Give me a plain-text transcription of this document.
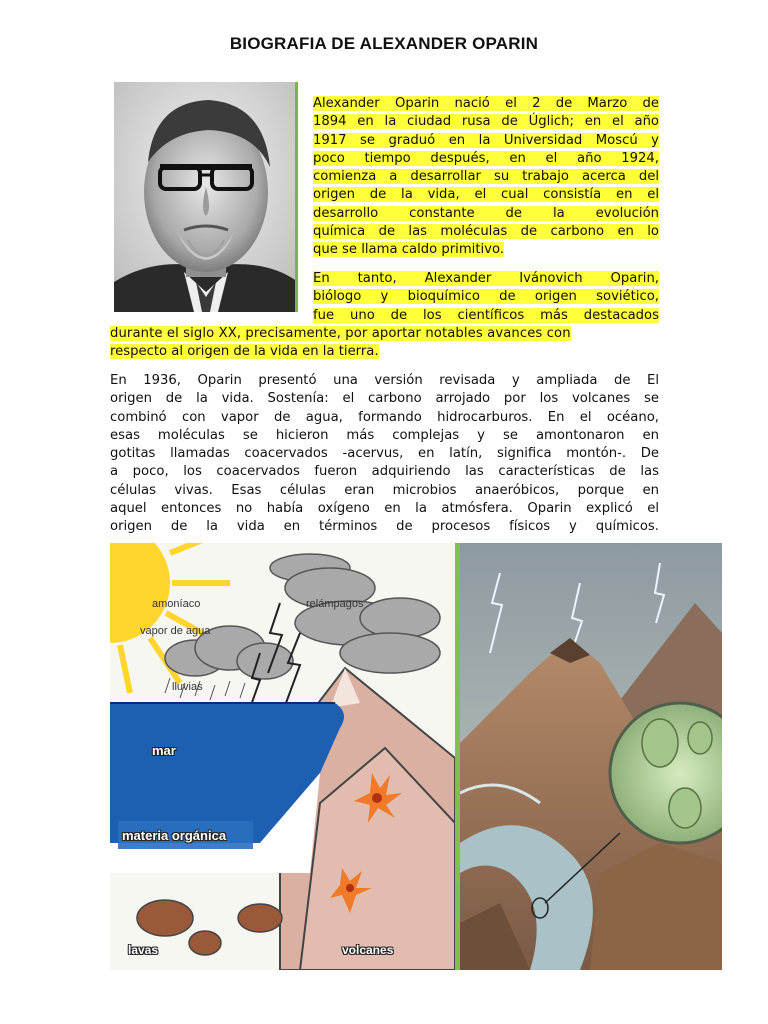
BIOGRAFIA DE ALEXANDER OPARIN
Alexander Oparin nació el 2 de Marzo de
1894 en la ciudad rusa de Úglich; en el año
1917 se graduó en la Universidad Moscú y
poco tiempo después, en el año 1924,
comienza a desarrollar su trabajo acerca del
origen de la vida, el cual consistía en el
desarrollo constante de la evolución
química de las moléculas de carbono en lo
que se llama caldo primitivo.
En tanto, Alexander Ivánovich Oparin,
biólogo y bioquímico de origen soviético,
fue uno de los científicos más destacados
durante el siglo XX, precisamente, por aportar notables avances con
respecto al origen de la vida en la tierra.
En 1936, Oparin presentó una versión revisada y ampliada de El
origen de la vida. Sostenía: el carbono arrojado por los volcanes se
combinó con vapor de agua, formando hidrocarburos. En el océano,
esas moléculas se hicieron más complejas y se amontonaron en
gotitas llamadas coacervados -acervus, en latín, significa montón-. De
a poco, los coacervados fueron adquiriendo las características de las
células vivas. Esas células eran microbios anaeróbicos, porque en
aquel entonces no había oxígeno en la atmósfera. Oparin explicó el
origen de la vida en términos de procesos físicos y químicos.
amoníaco
vapor de agua
relámpagos
lluvias
mar
materia orgánica
lavas	volcanes
